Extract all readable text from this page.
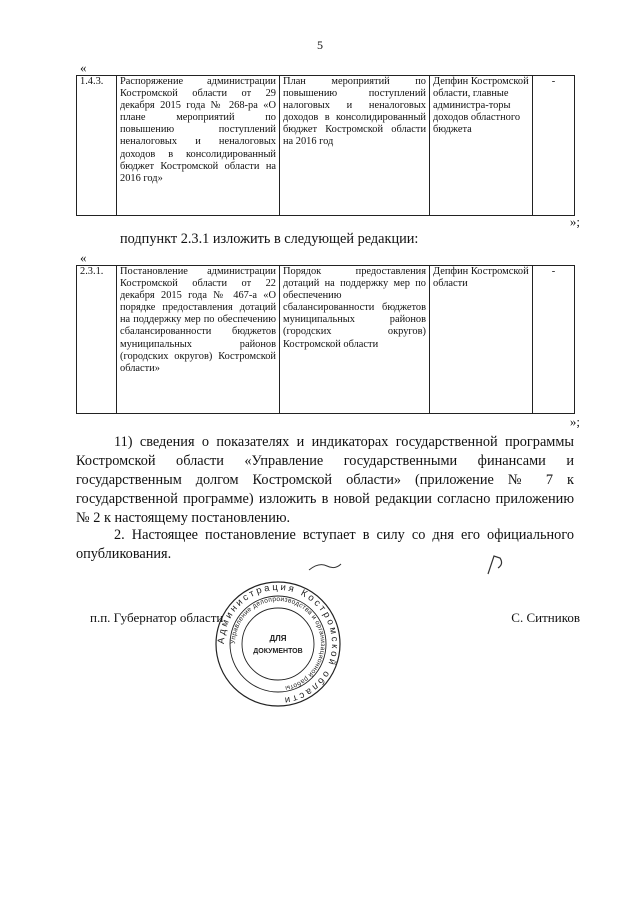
5
«
1.4.3.	Распоряжение администрации Костромской области от 29 декабря 2015 года № 268-ра «О плане мероприятий по повышению поступлений неналоговых и неналоговых доходов в консолидированный бюджет Костромской области на 2016 год»	План мероприятий по повышению поступлений налоговых и неналоговых доходов в консолидированный бюджет Костромской области на 2016 год	Депфин Костромской области, главные администра-торы доходов областного бюджета	-
»;
подпункт 2.3.1 изложить в следующей редакции:
«
2.3.1.	Постановление администрации Костромской области от 22 декабря 2015 года № 467-а «О порядке предоставления дотаций на поддержку мер по обеспечению сбалансированности бюджетов муниципальных районов (городских округов) Костромской области»	Порядок предоставления дотаций на поддержку мер по обеспечению сбалансированности бюджетов муниципальных районов (городских округов) Костромской области	Депфин Костромской области	-
»;
11) сведения о показателях и индикаторах государственной программы Костромской области «Управление государственными финансами и государственным долгом Костромской области» (приложение № 7 к государственной программе) изложить в новой редакции согласно приложению № 2 к настоящему постановлению.
2. Настоящее постановление вступает в силу со дня его официального опубликования.
Администрация Костромской области
Управление делопроизводства и организационной работы
ДЛЯ
ДОКУМЕНТОВ
п.п. Губернатор области	С. Ситников
